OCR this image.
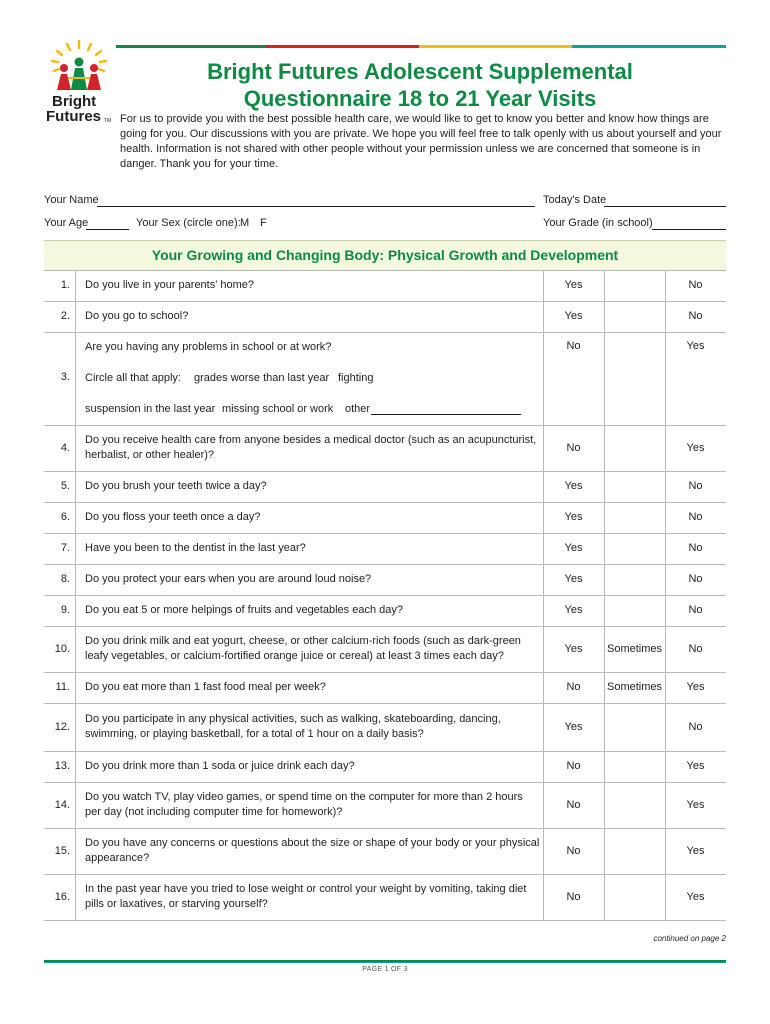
Bright
Futures TM
Bright Futures Adolescent Supplemental
Questionnaire 18 to 21 Year Visits
For us to provide you with the best possible health care, we would like to get to know you better and know how things are going for you. Our discussions with you are private. We hope you will feel free to talk openly with us about yourself and your health. Information is not shared with other people without your permission unless we are concerned that someone is in danger. Thank you for your time.
Your Name	Today's Date
Your Age	Your Sex (circle one): M F	Your Grade (in school)
Your Growing and Changing Body: Physical Growth and Development
1. Do you live in your parents' home?	Yes	No
2. Do you go to school?	Yes	No
3.
Are you having any problems in school or at work?
Circle all that apply:	grades worse than last year fighting
suspension in the last year missing school or work other
No	Yes
4.
Do you receive health care from anyone besides a medical doctor (such as an acupuncturist, herbalist, or other healer)?
No	Yes
5. Do you brush your teeth twice a day?	Yes	No
6. Do you floss your teeth once a day?	Yes	No
7. Have you been to the dentist in the last year?	Yes	No
8. Do you protect your ears when you are around loud noise?	Yes	No
9. Do you eat 5 or more helpings of fruits and vegetables each day?	Yes	No
10.
Do you drink milk and eat yogurt, cheese, or other calcium-rich foods (such as dark-green leafy vegetables, or calcium-fortified orange juice or cereal) at least 3 times each day?
Yes	Sometimes	No
11. Do you eat more than 1 fast food meal per week?	No	Sometimes	Yes
12.
Do you participate in any physical activities, such as walking, skateboarding, dancing, swimming, or playing basketball, for a total of 1 hour on a daily basis?
Yes	No
13. Do you drink more than 1 soda or juice drink each day?	No	Yes
14.
Do you watch TV, play video games, or spend time on the computer for more than 2 hours per day (not including computer time for homework)?
No	Yes
15.
Do you have any concerns or questions about the size or shape of your body or your physical appearance?
No	Yes
16.
In the past year have you tried to lose weight or control your weight by vomiting, taking diet pills or laxatives, or starving yourself?
No	Yes
continued on page 2
PAGE 1 OF 3
